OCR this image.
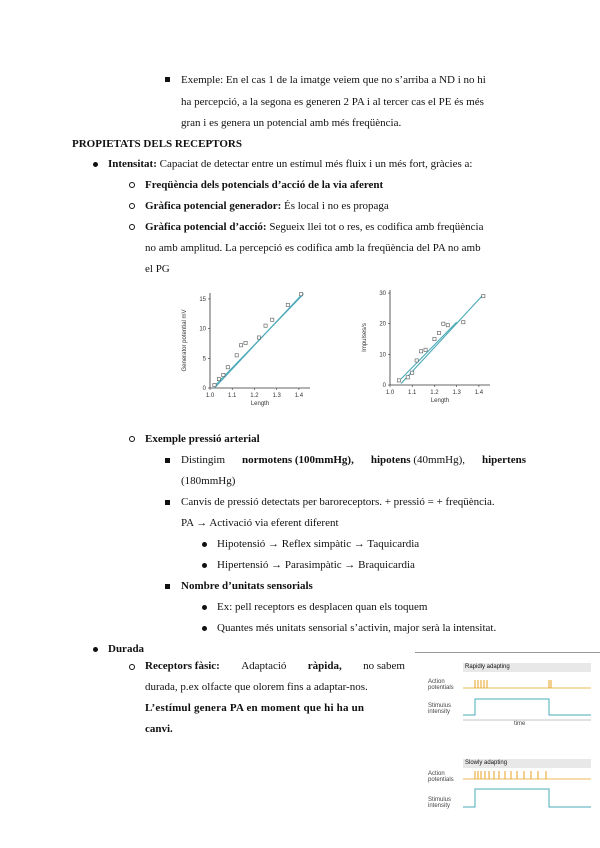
Exemple: En el cas 1 de la imatge veiem que no s’arriba a ND i no hi
ha percepció, a la segona es generen 2 PA i al tercer cas el PE és més
gran i es genera un potencial amb més freqüència.
PROPIETATS DELS RECEPTORS
Intensitat: Capaciat de detectar entre un estímul més fluix i un més fort, gràcies a:
Freqüència dels potencials d’acció de la via aferent
Gràfica potencial generador: És local i no es propaga
Gràfica potencial d’acció: Segueix llei tot o res, es codifica amb freqüència
no amb amplitud. La percepció es codifica amb la freqüència del PA no amb
el PG
1.0 1.1 1.2 1.3 1.4
0
5
10
15
Length
Generator potential mV
1.0 1.1 1.2 1.3 1.4
0
10
20
30
Length
Impulses/s
Exemple pressió arterial
Distingim normotens (100mmHg), hipotens (40mmHg), hipertens
(180mmHg)
Canvis de pressió detectats per baroreceptors. + pressió = + freqüència.
PA → Activació via eferent diferent
Hipotensió → Reflex simpàtic → Taquicardia
Hipertensió → Parasimpàtic → Braquicardia
Nombre d’unitats sensorials
Ex: pell receptors es desplacen quan els toquem
Quantes més unitats sensorial s’activin, major serà la intensitat.
Durada
Receptors fàsic: Adaptació ràpida, no sabem
durada, p.ex olfacte que olorem fins a adaptar-nos.
L’estímul genera PA en moment que hi ha un
canvi.
Rapidly adapting
Action
potentials
Stimulus
intensity
time
Slowly adapting
Action
potentials
Stimulus
intensity
